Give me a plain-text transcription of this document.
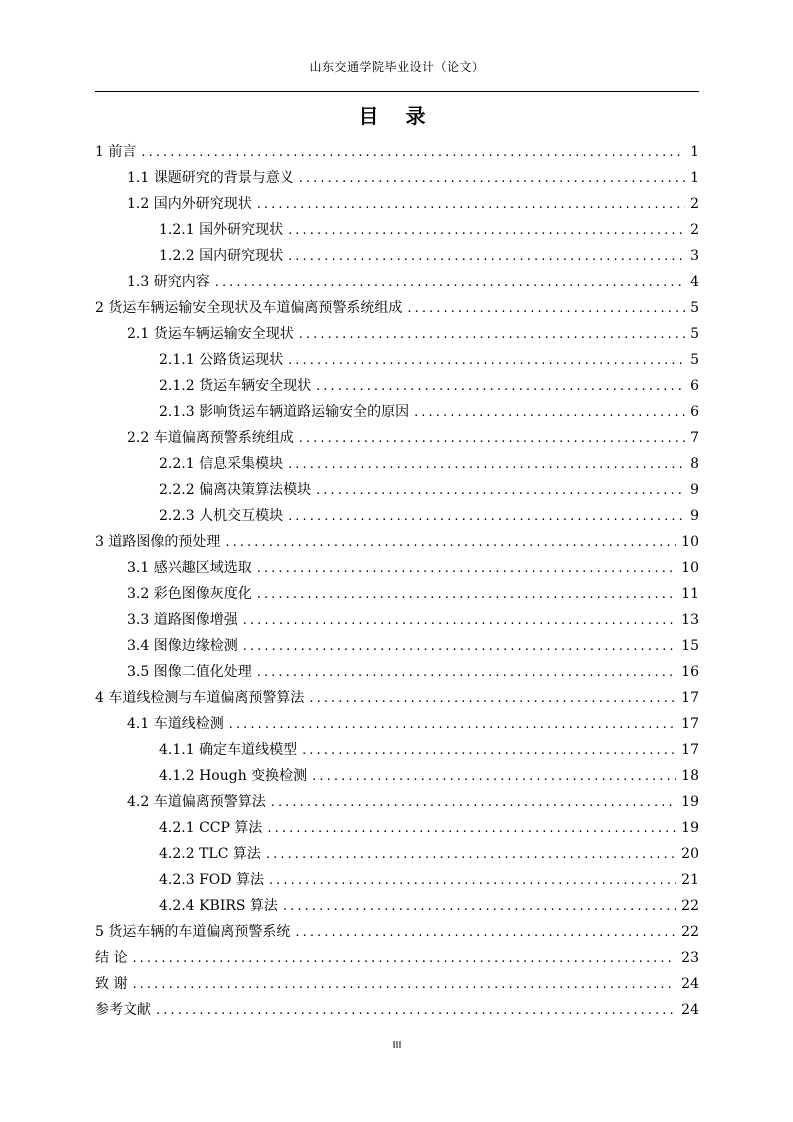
山东交通学院毕业设计（论文）
目 录
1 前言 .....	1
1.1 课题研究的背景与意义 .....	1
1.2 国内外研究现状 .....	2
1.2.1 国外研究现状 .....	2
1.2.2 国内研究现状 .....	3
1.3 研究内容 .....	4
2 货运车辆运输安全现状及车道偏离预警系统组成 .....	5
2.1 货运车辆运输安全现状 .....	5
2.1.1 公路货运现状 .....	5
2.1.2 货运车辆安全现状 .....	6
2.1.3 影响货运车辆道路运输安全的原因 .....	6
2.2 车道偏离预警系统组成 .....	7
2.2.1 信息采集模块 .....	8
2.2.2 偏离决策算法模块 .....	9
2.2.3 人机交互模块 .....	9
3 道路图像的预处理 .....	10
3.1 感兴趣区域选取 .....	10
3.2 彩色图像灰度化 .....	11
3.3 道路图像增强 .....	13
3.4 图像边缘检测 .....	15
3.5 图像二值化处理 .....	16
4 车道线检测与车道偏离预警算法 .....	17
4.1 车道线检测 .....	17
4.1.1 确定车道线模型 .....	17
4.1.2 Hough 变换检测 .....	18
4.2 车道偏离预警算法 .....	19
4.2.1 CCP 算法 .....	19
4.2.2 TLC 算法 .....	20
4.2.3 FOD 算法 .....	21
4.2.4 KBIRS 算法 .....	22
5 货运车辆的车道偏离预警系统 .....	22
结 论 .....	23
致 谢 .....	24
参考文献 .....	24
III
